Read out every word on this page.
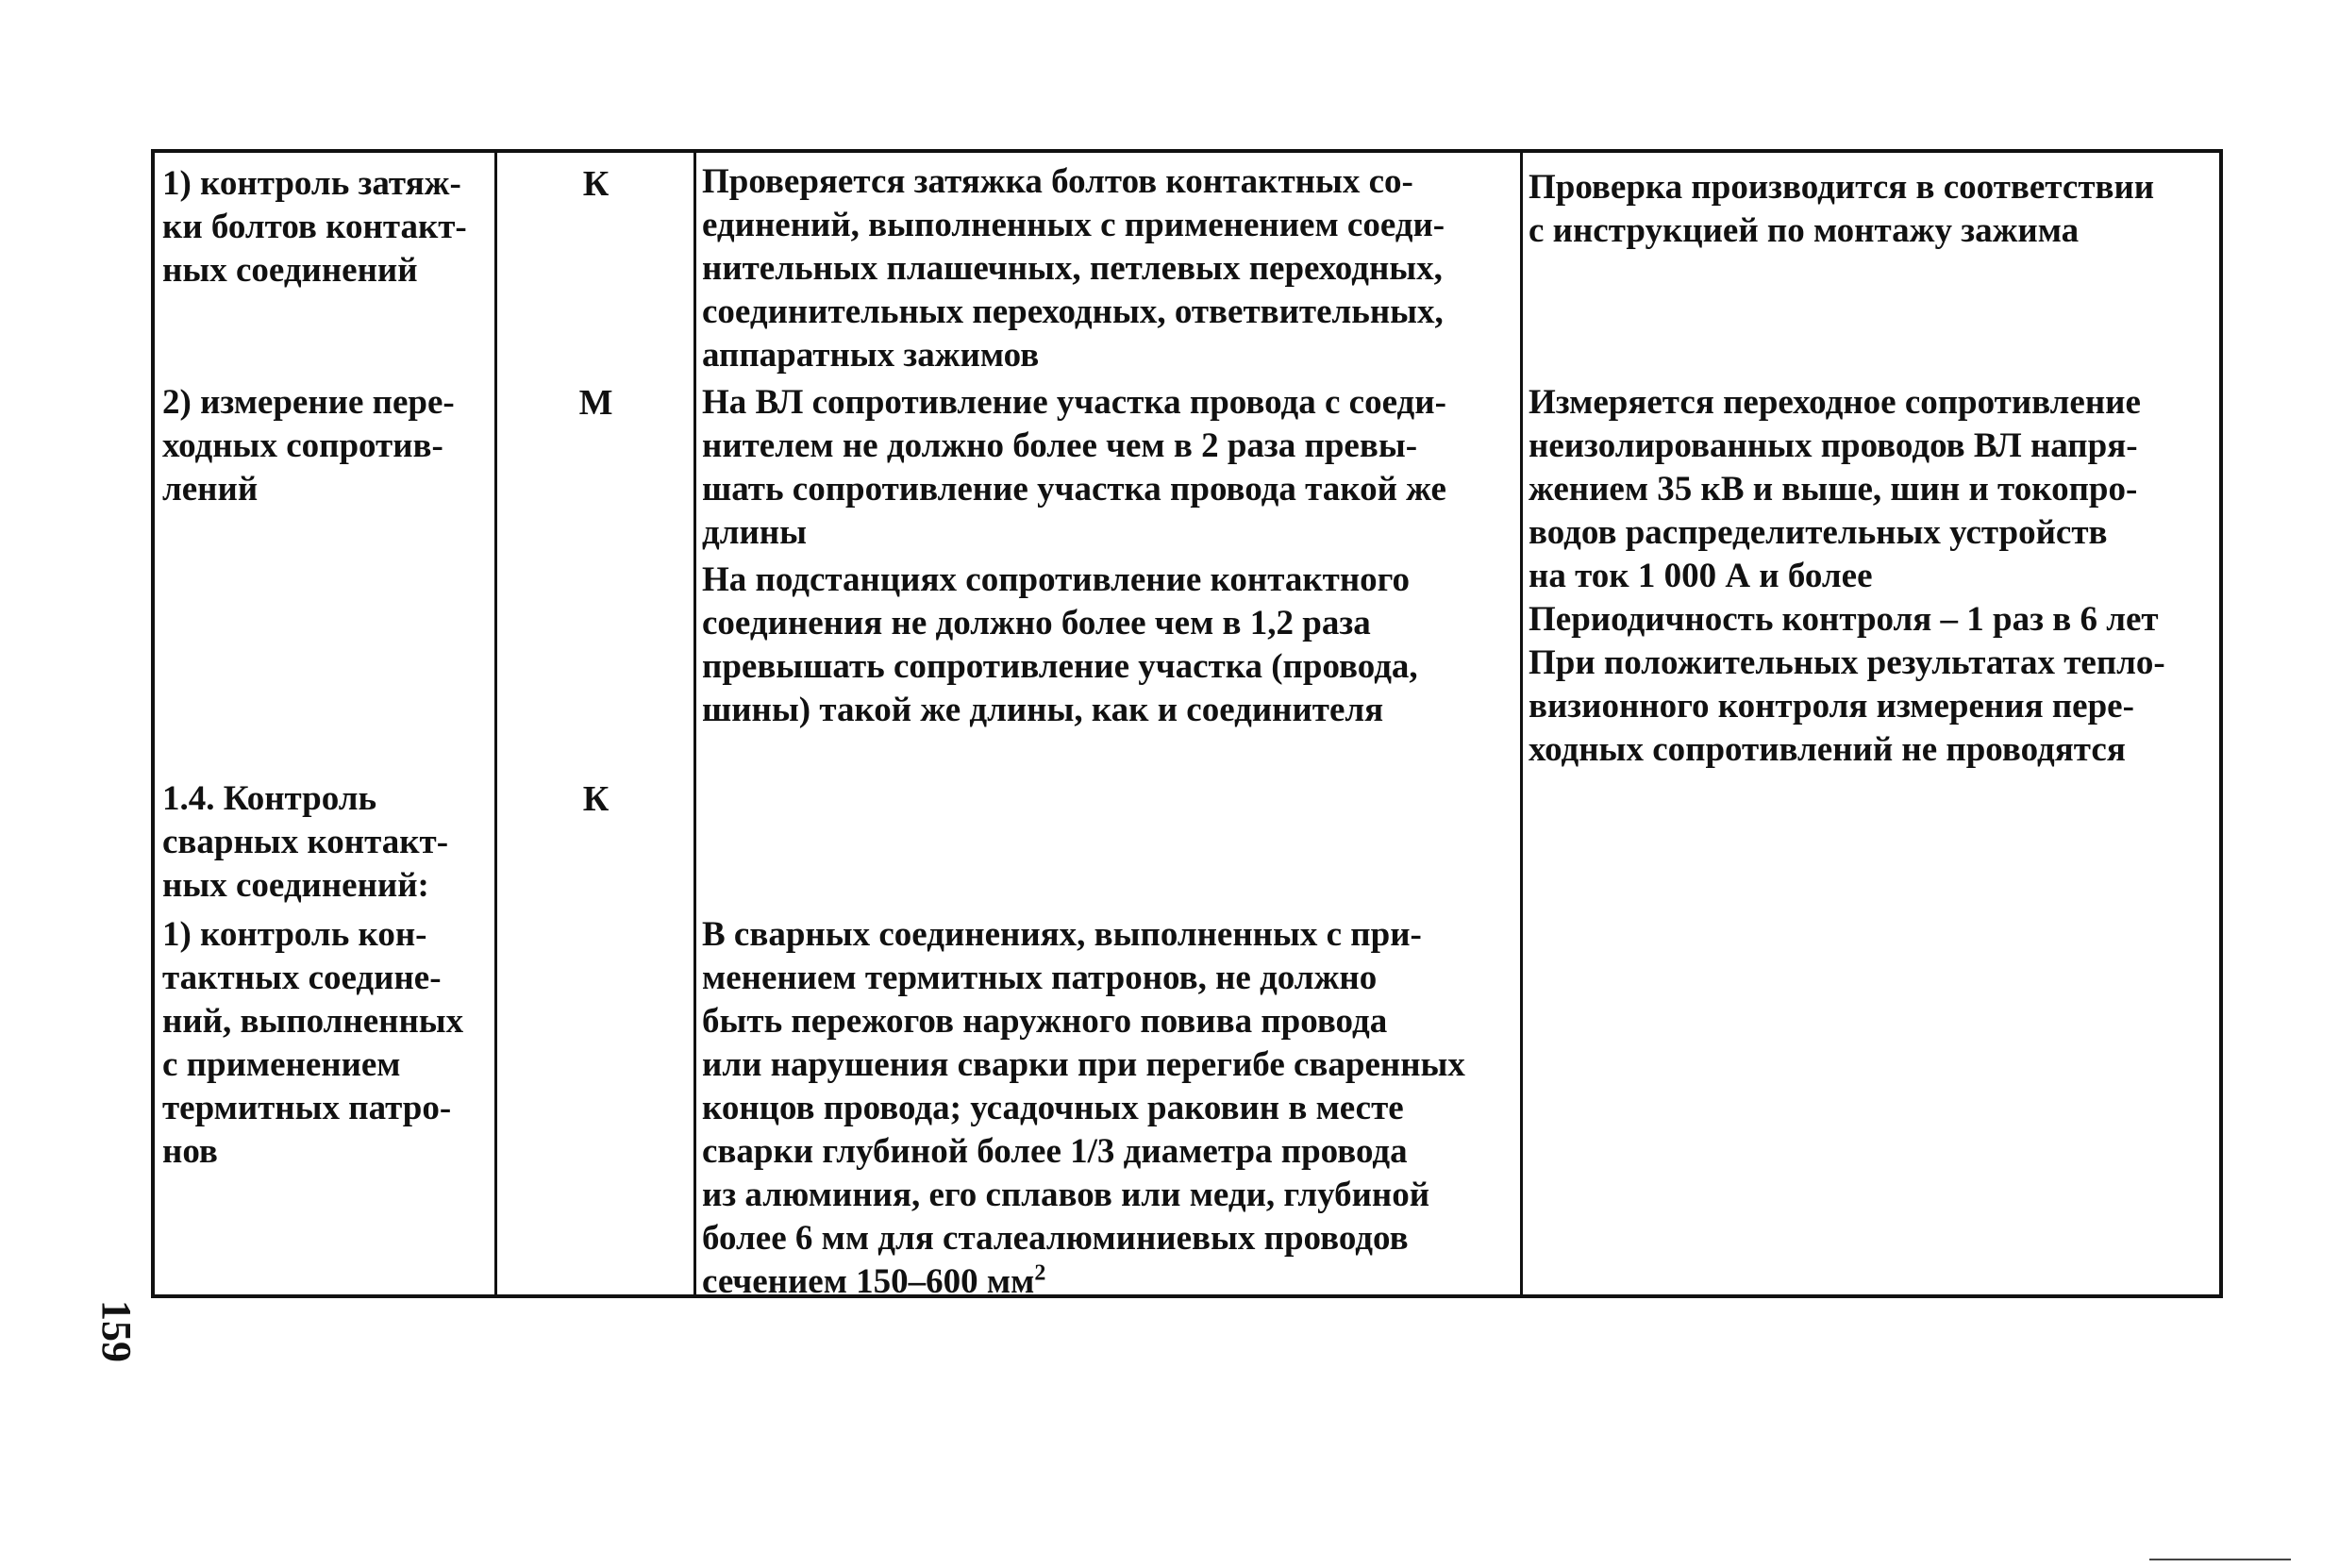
1) контроль затяж-
ки болтов контакт-
ных соединений

К	Проверяется затяжка болтов контактных со-
единений, выполненных с применением соеди-
нительных плашечных, петлевых переходных,
соединительных переходных, ответвительных,
аппаратных зажимов

Проверка производится в соответствии
с инструкцией по монтажу зажима

2) измерение пере-
ходных сопротив-
лений

М	На ВЛ сопротивление участка провода с соеди-
нителем не должно более чем в 2 раза превы-
шать сопротивление участка провода такой же
длины

На подстанциях сопротивление контактного
соединения не должно более чем в 1,2 раза
превышать сопротивление участка (провода,
шины) такой же длины, как и соединителя

Измеряется переходное сопротивление
неизолированных проводов ВЛ напря-
жением 35 кВ и выше, шин и токопро-
водов распределительных устройств
на ток 1 000 А и более
Периодичность контроля – 1 раз в 6 лет
При положительных результатах тепло-
визионного контроля измерения пере-
ходных сопротивлений не проводятся

1.4. Контроль
сварных контакт-
ных соединений:

К

1) контроль кон-
тактных соедине-
ний, выполненных
с применением
термитных патро-
нов

В сварных соединениях, выполненных с при-
менением термитных патронов, не должно
быть пережогов наружного повива провода
или нарушения сварки при перегибе сваренных
концов провода; усадочных раковин в месте
сварки глубиной более 1/3 диаметра провода
из алюминия, его сплавов или меди, глубиной
более 6 мм для сталеалюминиевых проводов
сечением 150–600 $мм^2$

159
